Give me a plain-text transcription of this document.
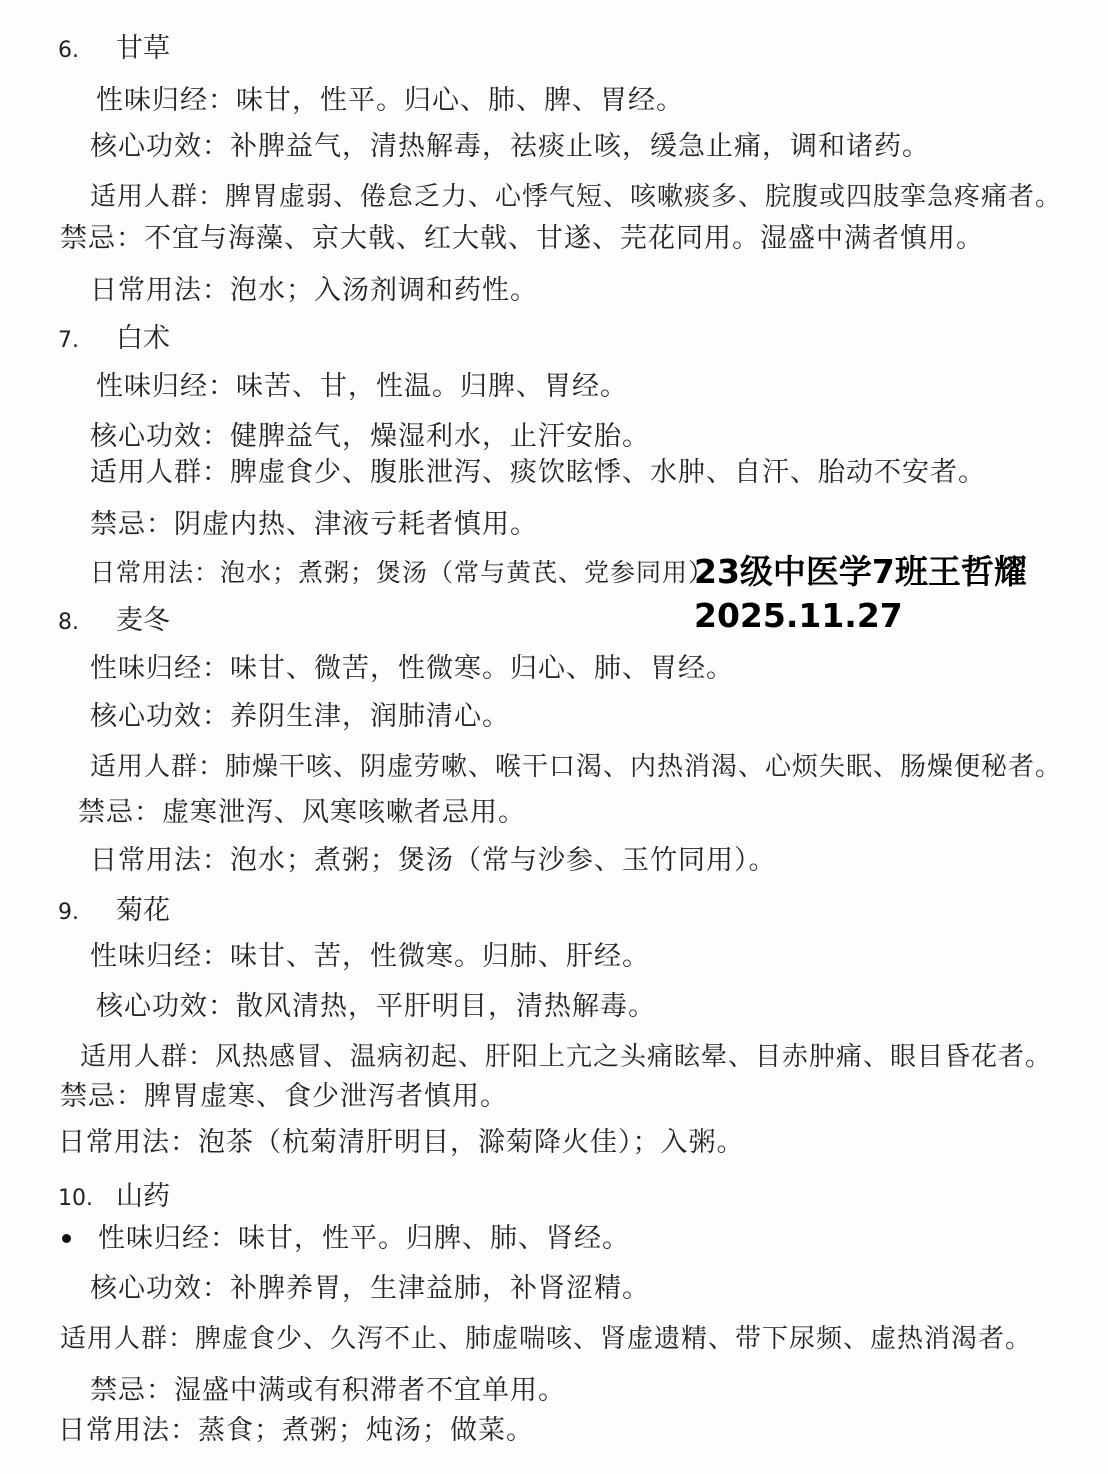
6. 甘草
性味归经：味甘，性平。归心、肺、脾、胃经。
核心功效：补脾益气，清热解毒，祛痰止咳，缓急止痛，调和诸药。
适用人群：脾胃虚弱、倦怠乏力、心悸气短、咳嗽痰多、脘腹或四肢挛急疼痛者。
禁忌：不宜与海藻、京大戟、红大戟、甘遂、芫花同用。湿盛中满者慎用。
日常用法：泡水；入汤剂调和药性。
7. 白术
性味归经：味苦、甘，性温。归脾、胃经。
核心功效：健脾益气，燥湿利水，止汗安胎。
适用人群：脾虚食少、腹胀泄泻、痰饮眩悸、水肿、自汗、胎动不安者。
禁忌：阴虚内热、津液亏耗者慎用。
日常用法：泡水；煮粥；煲汤（常与黄芪、党参同用）
8. 麦冬
性味归经：味甘、微苦，性微寒。归心、肺、胃经。
核心功效：养阴生津，润肺清心。
适用人群：肺燥干咳、阴虚劳嗽、喉干口渴、内热消渴、心烦失眠、肠燥便秘者。
禁忌：虚寒泄泻、风寒咳嗽者忌用。
日常用法：泡水；煮粥；煲汤（常与沙参、玉竹同用）。
9. 菊花
性味归经：味甘、苦，性微寒。归肺、肝经。
核心功效：散风清热，平肝明目，清热解毒。
适用人群：风热感冒、温病初起、肝阳上亢之头痛眩晕、目赤肿痛、眼目昏花者。
禁忌：脾胃虚寒、食少泄泻者慎用。
日常用法：泡茶（杭菊清肝明目，滁菊降火佳）；入粥。
10. 山药
性味归经：味甘，性平。归脾、肺、肾经。
核心功效：补脾养胃，生津益肺，补肾涩精。
适用人群：脾虚食少、久泻不止、肺虚喘咳、肾虚遗精、带下尿频、虚热消渴者。
禁忌：湿盛中满或有积滞者不宜单用。
日常用法：蒸食；煮粥；炖汤；做菜。
23级中医学7班王哲耀
2025.11.27
